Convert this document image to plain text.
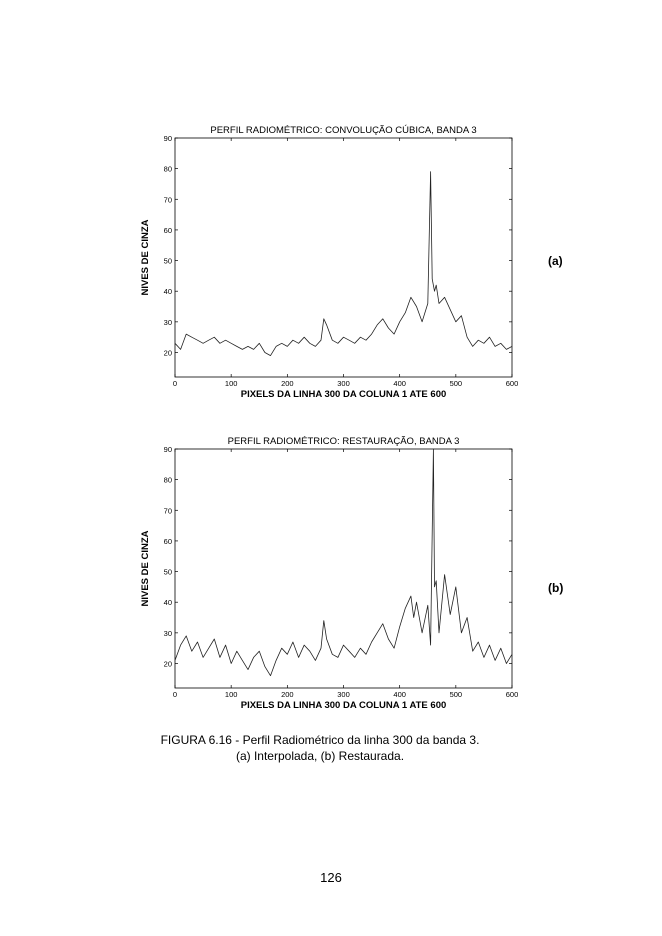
PERFIL RADIOMÉTRICO: CONVOLUÇÃO CÚBICA, BANDA 3
0	100	200	300	400	500	600
20
30
40
50
60
70
80
90
PIXELS DA LINHA 300 DA COLUNA 1 ATE 600
NIVES DE CINZA
PERFIL RADIOMÉTRICO: RESTAURAÇÃO, BANDA 3
0	100	200	300	400	500	600
20
30
40
50
60
70
80
90
PIXELS DA LINHA 300 DA COLUNA 1 ATE 600
NIVES DE CINZA
(a)
(b)
FIGURA 6.16 - Perfil Radiométrico da linha 300 da banda 3.
(a) Interpolada, (b) Restaurada.
126
